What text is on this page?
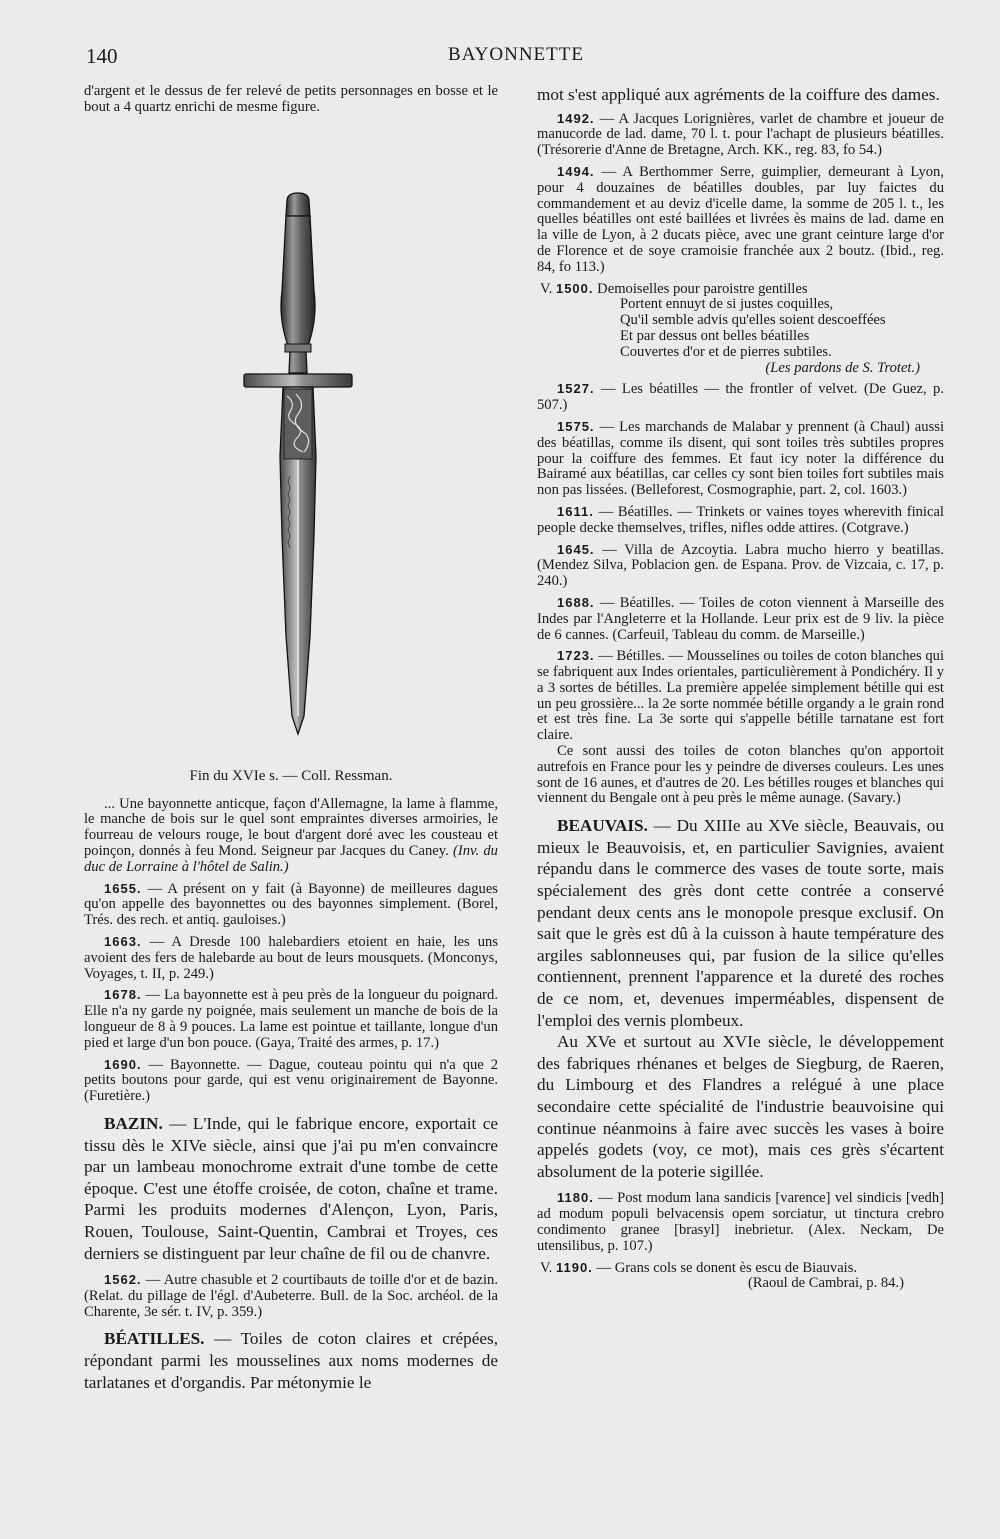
140	BAYONNETTE

d'argent et le dessus de fer relevé de petits personnages en bosse et le bout a 4 quartz enrichi de mesme figure.

Fin du XVIe s. — Coll. Ressman.

... Une bayonnette anticque, façon d'Allemagne, la lame à flamme, le manche de bois sur le quel sont empraintes diverses armoiries, le fourreau de velours rouge, le bout d'argent doré avec les cousteau et poinçon, donnés à feu Mond. Seigneur par Jacques du Caney. (Inv. du duc de Lorraine à l'hôtel de Salin.)

1655. — A présent on y fait (à Bayonne) de meilleures dagues qu'on appelle des bayonnettes ou des bayonnes simplement. (Borel, Trés. des rech. et antiq. gauloises.)

1663. — A Dresde 100 halebardiers etoient en haie, les uns avoient des fers de halebarde au bout de leurs mousquets. (Monconys, Voyages, t. II, p. 249.)

1678. — La bayonnette est à peu près de la longueur du poignard. Elle n'a ny garde ny poignée, mais seulement un manche de bois de la longueur de 8 à 9 pouces. La lame est pointue et taillante, longue d'un pied et large d'un bon pouce. (Gaya, Traité des armes, p. 17.)

1690. — Bayonnette. — Dague, couteau pointu qui n'a que 2 petits boutons pour garde, qui est venu originairement de Bayonne. (Furetière.)

BAZIN. — L'Inde, qui le fabrique encore, exportait ce tissu dès le XIVe siècle, ainsi que j'ai pu m'en convaincre par un lambeau monochrome extrait d'une tombe de cette époque. C'est une étoffe croisée, de coton, chaîne et trame. Parmi les produits modernes d'Alençon, Lyon, Paris, Rouen, Toulouse, Saint-Quentin, Cambrai et Troyes, ces derniers se distinguent par leur chaîne de fil ou de chanvre.

1562. — Autre chasuble et 2 courtibauts de toille d'or et de bazin. (Relat. du pillage de l'égl. d'Aubeterre. Bull. de la Soc. archéol. de la Charente, 3e sér. t. IV, p. 359.)

BÉATILLES. — Toiles de coton claires et crépées, répondant parmi les mousselines aux noms modernes de tarlatanes et d'organdis. Par métonymie le

mot s'est appliqué aux agréments de la coiffure des dames.

1492. — A Jacques Lorignières, varlet de chambre et joueur de manucorde de lad. dame, 70 l. t. pour l'achapt de plusieurs béatilles. (Trésorerie d'Anne de Bretagne, Arch. KK., reg. 83, fo 54.)

1494. — A Berthommer Serre, guimplier, demeurant à Lyon, pour 4 douzaines de béatilles doubles, par luy faictes du commandement et au deviz d'icelle dame, la somme de 205 l. t., les quelles béatilles ont esté baillées et livrées ès mains de lad. dame en la ville de Lyon, à 2 ducats pièce, avec une grant ceinture large d'or de Florence et de soye cramoisie franchée aux 2 boutz. (Ibid., reg. 84, fo 113.)

V. 1500. Demoiselles pour paroistre gentilles
Portent ennuyt de si justes coquilles,
Qu'il semble advis qu'elles soient descoeffées
Et par dessus ont belles béatilles
Couvertes d'or et de pierres subtiles.
(Les pardons de S. Trotet.)

1527. — Les béatilles — the frontler of velvet. (De Guez, p. 507.)

1575. — Les marchands de Malabar y prennent (à Chaul) aussi des béatillas, comme ils disent, qui sont toiles très subtiles propres pour la coiffure des femmes. Et faut icy noter la différence du Bairamé aux béatillas, car celles cy sont bien toiles fort subtiles mais non pas lissées. (Belleforest, Cosmographie, part. 2, col. 1603.)

1611. — Béatilles. — Trinkets or vaines toyes wherevith finical people decke themselves, trifles, nifles odde attires. (Cotgrave.)

1645. — Villa de Azcoytia. Labra mucho hierro y beatillas. (Mendez Silva, Poblacion gen. de Espana. Prov. de Vizcaia, c. 17, p. 240.)

1688. — Béatilles. — Toiles de coton viennent à Marseille des Indes par l'Angleterre et la Hollande. Leur prix est de 9 liv. la pièce de 6 cannes. (Carfeuil, Tableau du comm. de Marseille.)

1723. — Bétilles. — Mousselines ou toiles de coton blanches qui se fabriquent aux Indes orientales, particulièrement à Pondichéry. Il y a 3 sortes de bétilles. La première appelée simplement bétille qui est un peu grossière... la 2e sorte nommée bétille organdy a le grain rond et est très fine. La 3e sorte qui s'appelle bétille tarnatane est fort claire.

Ce sont aussi des toiles de coton blanches qu'on apportoit autrefois en France pour les y peindre de diverses couleurs. Les unes sont de 16 aunes, et d'autres de 20. Les bétilles rouges et blanches qui viennent du Bengale ont à peu près le même aunage. (Savary.)

BEAUVAIS. — Du XIIIe au XVe siècle, Beauvais, ou mieux le Beauvoisis, et, en particulier Savignies, avaient répandu dans le commerce des vases de toute sorte, mais spécialement des grès dont cette contrée a conservé pendant deux cents ans le monopole presque exclusif. On sait que le grès est dû à la cuisson à haute température des argiles sablonneuses qui, par fusion de la silice qu'elles contiennent, prennent l'apparence et la dureté des roches de ce nom, et, devenues imperméables, dispensent de l'emploi des vernis plombeux.

Au XVe et surtout au XVIe siècle, le développement des fabriques rhénanes et belges de Siegburg, de Raeren, du Limbourg et des Flandres a relégué à une place secondaire cette spécialité de l'industrie beauvoisine qui continue néanmoins à faire avec succès les vases à boire appelés godets (voy, ce mot), mais ces grès s'écartent absolument de la poterie sigillée.

1180. — Post modum lana sandicis [varence] vel sindicis [vedh] ad modum populi belvacensis opem sorciatur, ut tinctura crebro condimento granee [brasyl] inebrietur. (Alex. Neckam, De utensilibus, p. 107.)

V. 1190. — Grans cols se donent ès escu de Biauvais.

(Raoul de Cambrai, p. 84.)
